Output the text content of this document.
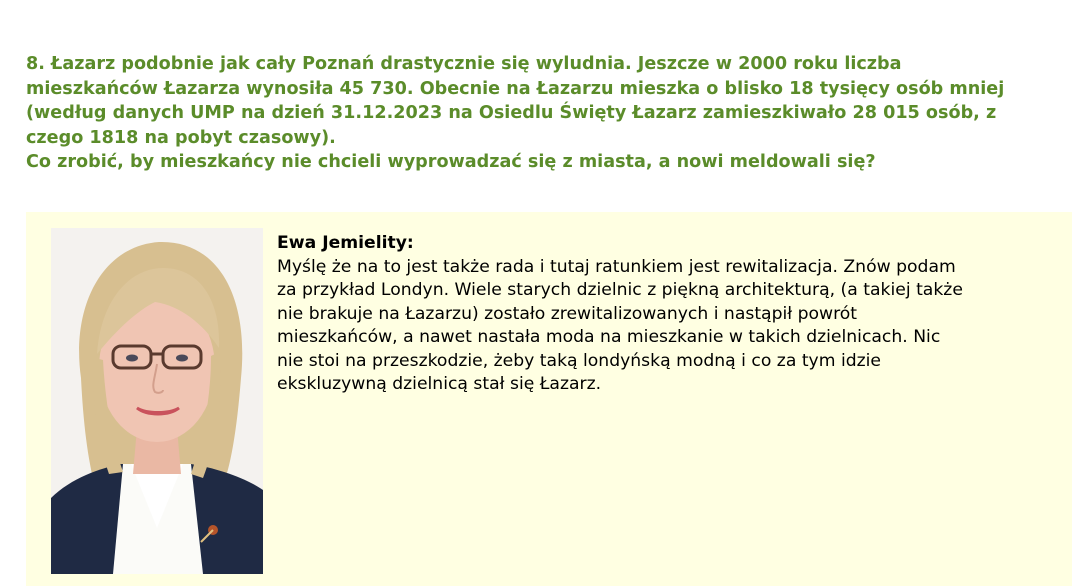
8. Łazarz podobnie jak cały Poznań drastycznie się wyludnia. Jeszcze w 2000 roku liczba

mieszkańców Łazarza wynosiła 45 730. Obecnie na Łazarzu mieszka o blisko 18 tysięcy osób mniej

(według danych UMP na dzień 31.12.2023 na Osiedlu Święty Łazarz zamieszkiwało 28 015 osób, z

czego 1818 na pobyt czasowy).

Co zrobić, by mieszkańcy nie chcieli wyprowadzać się z miasta, a nowi meldowali się?

Ewa Jemielity:

Myślę że na to jest także rada i tutaj ratunkiem jest rewitalizacja. Znów podam

za przykład Londyn. Wiele starych dzielnic z piękną architekturą, (a takiej także

nie brakuje na Łazarzu) zostało zrewitalizowanych i nastąpił powrót

mieszkańców, a nawet nastała moda na mieszkanie w takich dzielnicach. Nic

nie stoi na przeszkodzie, żeby taką londyńską modną i co za tym idzie

ekskluzywną dzielnicą stał się Łazarz.
